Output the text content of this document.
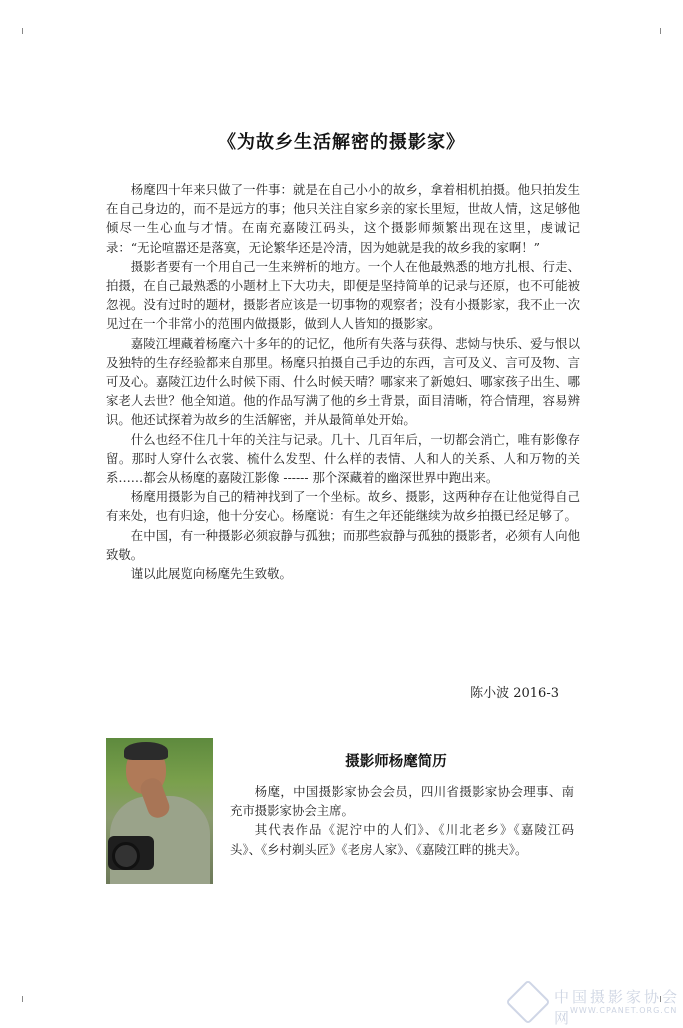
《为故乡生活解密的摄影家》

杨麾四十年来只做了一件事：就是在自己小小的故乡，拿着相机拍摄。他只拍发生在自己身边的，而不是远方的事；他只关注自家乡亲的家长里短，世故人情，这足够他倾尽一生心血与才情。在南充嘉陵江码头，这个摄影师频繁出现在这里，虔诚记录：“无论喧嚣还是落寞，无论繁华还是冷清，因为她就是我的故乡我的家啊！”

摄影者要有一个用自己一生来辨析的地方。一个人在他最熟悉的地方扎根、行走、拍摄，在自己最熟悉的小题材上下大功夫，即便是坚持简单的记录与还原，也不可能被忽视。没有过时的题材，摄影者应该是一切事物的观察者；没有小摄影家，我不止一次见过在一个非常小的范围内做摄影，做到人人皆知的摄影家。

嘉陵江埋藏着杨麾六十多年的的记忆，他所有失落与获得、悲恸与快乐、爱与恨以及独特的生存经验都来自那里。杨麾只拍摄自己手边的东西，言可及义、言可及物、言可及心。嘉陵江边什么时候下雨、什么时候天晴？哪家来了新媳妇、哪家孩子出生、哪家老人去世？他全知道。他的作品写满了他的乡土背景，面目清晰，符合情理，容易辨识。他还试探着为故乡的生活解密，并从最简单处开始。

什么也经不住几十年的关注与记录。几十、几百年后，一切都会消亡，唯有影像存留。那时人穿什么衣裳、梳什么发型、什么样的表情、人和人的关系、人和万物的关系……都会从杨麾的嘉陵江影像 ------ 那个深藏着的幽深世界中跑出来。

杨麾用摄影为自己的精神找到了一个坐标。故乡、摄影，这两种存在让他觉得自己有来处，也有归途，他十分安心。杨麾说：有生之年还能继续为故乡拍摄已经足够了。

在中国，有一种摄影必须寂静与孤独；而那些寂静与孤独的摄影者，必须有人向他致敬。

谨以此展览向杨麾先生致敬。

陈小波 2016-3
摄影师杨麾简历

杨麾，中国摄影家协会会员，四川省摄影家协会理事、南充市摄影家协会主席。

其代表作品《泥泞中的人们》、《川北老乡》《嘉陵江码头》、《乡村剃头匠》《老房人家》、《嘉陵江畔的挑夫》。

中国摄影家协会网
WWW.CPANET.ORG.CN
